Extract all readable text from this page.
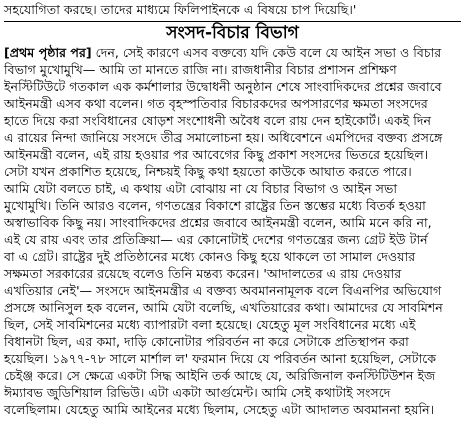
সহযোগিতা করছে। তাদের মাধ্যমে ফিলিপাইনকে এ বিষয়ে চাপ দিয়েছি।'
সংসদ-বিচার বিভাগ
[প্রথম পৃষ্ঠার পর] দেন, সেই কারণে এসব বক্তব্যে যদি কেউ বলে যে আইন সভা ও বিচার
বিভাগ মুখোমুখি— আমি তা মানতে রাজি না। রাজধানীর বিচার প্রশাসন প্রশিক্ষণ
ইনস্টিটিউটে গতকাল এক কর্মশালার উদ্বোধনী অনুষ্ঠান শেষে সাংবাদিকদের প্রশ্নের জবাবে
আইনমন্ত্রী এসব কথা বলেন। গত বৃহস্পতিবার বিচারকদের অপসারণের ক্ষমতা সংসদের
হাতে দিয়ে করা সংবিধানের ষোড়শ সংশোধনী অবৈধ বলে রায় দেন হাইকোর্ট। একই দিন
এ রায়ের নিন্দা জানিয়ে সংসদে তীব্র সমালোচনা হয়। অধিবেশনে এমপিদের বক্তব্য প্রসঙ্গে
আইনমন্ত্রী বলেন, এই রায় হওয়ার পর আবেগের কিছু প্রকাশ সংসদের ভিতরে হয়েছিল।
সেটা যখন প্রকাশিত হয়েছে, নিশ্চয়ই কিছু কথা হয়তো কাউকে আঘাত করতে পারে।
আমি যেটা বলতে চাই, এ কথায় এটা বোঝায় না যে বিচার বিভাগ ও আইন সভা
মুখোমুখি। তিনি আরও বলেন, গণতন্ত্রের বিকাশে রাষ্ট্রের তিন স্তম্ভের মধ্যে বিতর্ক হওয়া
অস্বাভাবিক কিছু নয়। সাংবাদিকদের প্রশ্নের জবাবে আইনমন্ত্রী বলেন, আমি মনে করি না,
এই যে রায় এবং তার প্রতিক্রিয়া— এর কোনোটাই দেশের গণতন্ত্রের জন্য গ্রেট ইউ টার্ন
বা এ গ্রেট। রাষ্ট্রের দুই প্রতিষ্ঠানের মধ্যে কোনও কিছু হয়ে থাকলে তা সামাল দেওয়ার
সক্ষমতা সরকারের রয়েছে বলেও তিনি মন্তব্য করেন। 'আদালতের এ রায় দেওয়ার
এখতিয়ার নেই'— সংসদে আইনমন্ত্রীর এ বক্তব্য অবমাননামূলক বলে বিএনপির অভিযোগ
প্রসঙ্গে আনিসুল হক বলেন, আমি যেটা বলেছি, এখতিয়ারের কথা। আমাদের যে সাবমিশন
ছিল, সেই সাবমিশনের মধ্যে ব্যাপারটা বলা হয়েছে। যেহেতু মূল সংবিধানের মধ্যে এই
বিধানটা ছিল, এর কমা, দাড়ি কোনোটার পরিবর্তন না করে সেটাকে প্রতিস্থাপন করা
হয়েছিল। ১৯৭৭-৭৮ সালে মার্শাল ল' ফরমান দিয়ে যে পরিবর্তন আনা হয়েছিল, সেটাকে
চেইঞ্জ করে। সে ক্ষেত্রে একটা সিদ্ধ আইনি তর্ক আছে যে, অরিজিনাল কনস্টিটিউশন ইজ
ঈম্যাবভ জুডিশিয়াল রিভিউ। এটা একটা আর্গুমেন্ট। আমি সেই কথাটাই সংসদে
বলেছিলাম। যেহেতু আমি আইনের মধ্যে ছিলাম, সেহেতু এটা আদালত অবমাননা হয়নি।
